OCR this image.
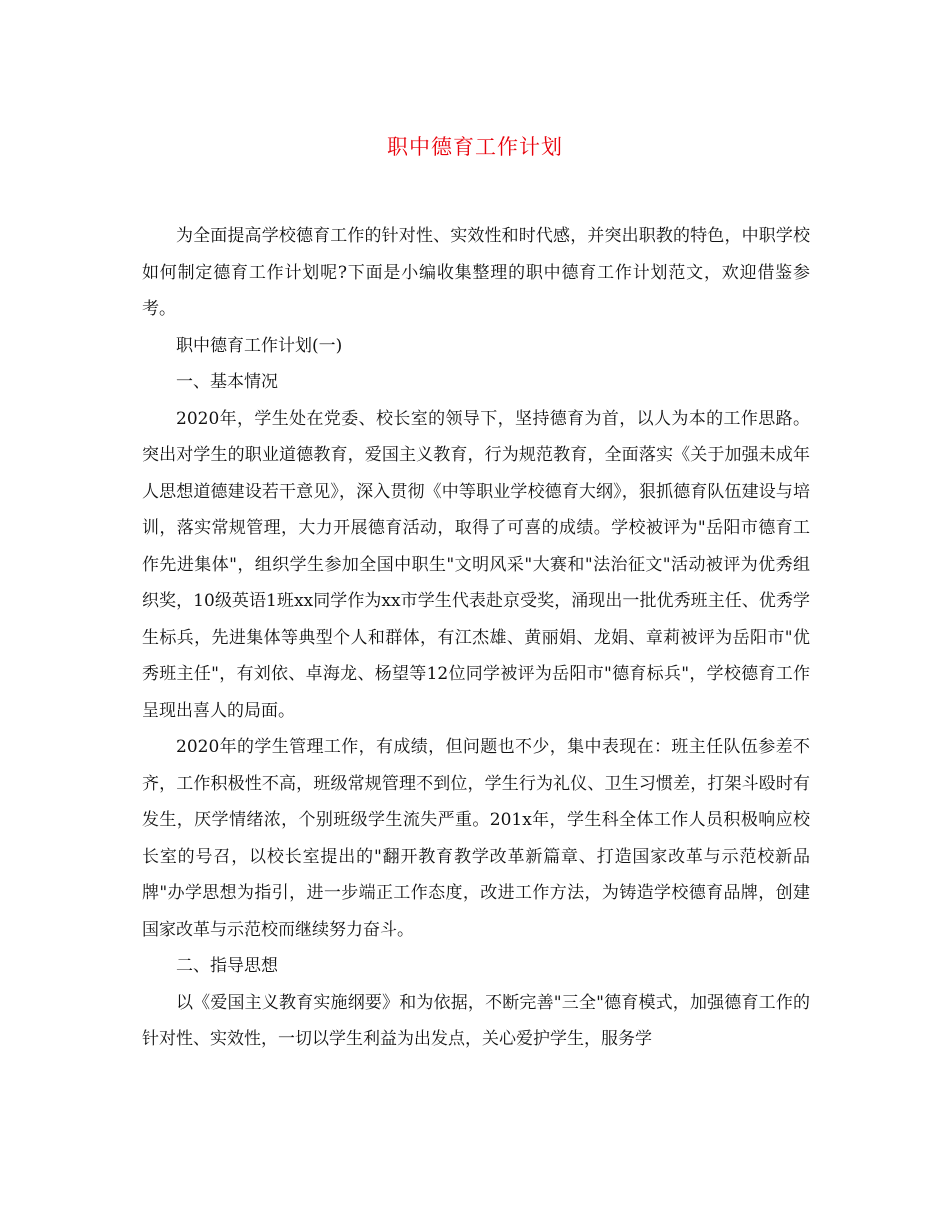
职中德育工作计划

为全面提高学校德育工作的针对性、实效性和时代感，并突出职教的特色，中职学校如何制定德育工作计划呢?下面是小编收集整理的职中德育工作计划范文，欢迎借鉴参考。

职中德育工作计划(一)

一、基本情况

2020年，学生处在党委、校长室的领导下，坚持德育为首，以人为本的工作思路。突出对学生的职业道德教育，爱国主义教育，行为规范教育，全面落实《关于加强未成年人思想道德建设若干意见》，深入贯彻《中等职业学校德育大纲》，狠抓德育队伍建设与培训，落实常规管理，大力开展德育活动，取得了可喜的成绩。学校被评为"岳阳市德育工作先进集体"，组织学生参加全国中职生"文明风采"大赛和"法治征文"活动被评为优秀组织奖，10级英语1班xx同学作为xx市学生代表赴京受奖，涌现出一批优秀班主任、优秀学生标兵，先进集体等典型个人和群体，有江杰雄、黄丽娟、龙娟、章莉被评为岳阳市"优秀班主任"，有刘依、卓海龙、杨望等12位同学被评为岳阳市"德育标兵"，学校德育工作呈现出喜人的局面。

2020年的学生管理工作，有成绩，但问题也不少，集中表现在：班主任队伍参差不齐，工作积极性不高，班级常规管理不到位，学生行为礼仪、卫生习惯差，打架斗殴时有发生，厌学情绪浓，个别班级学生流失严重。201x年，学生科全体工作人员积极响应校长室的号召，以校长室提出的"翻开教育教学改革新篇章、打造国家改革与示范校新品牌"办学思想为指引，进一步端正工作态度，改进工作方法，为铸造学校德育品牌，创建国家改革与示范校而继续努力奋斗。

二、指导思想

以《爱国主义教育实施纲要》和为依据，不断完善"三全"德育模式，加强德育工作的针对性、实效性，一切以学生利益为出发点，关心爱护学生，服务学
